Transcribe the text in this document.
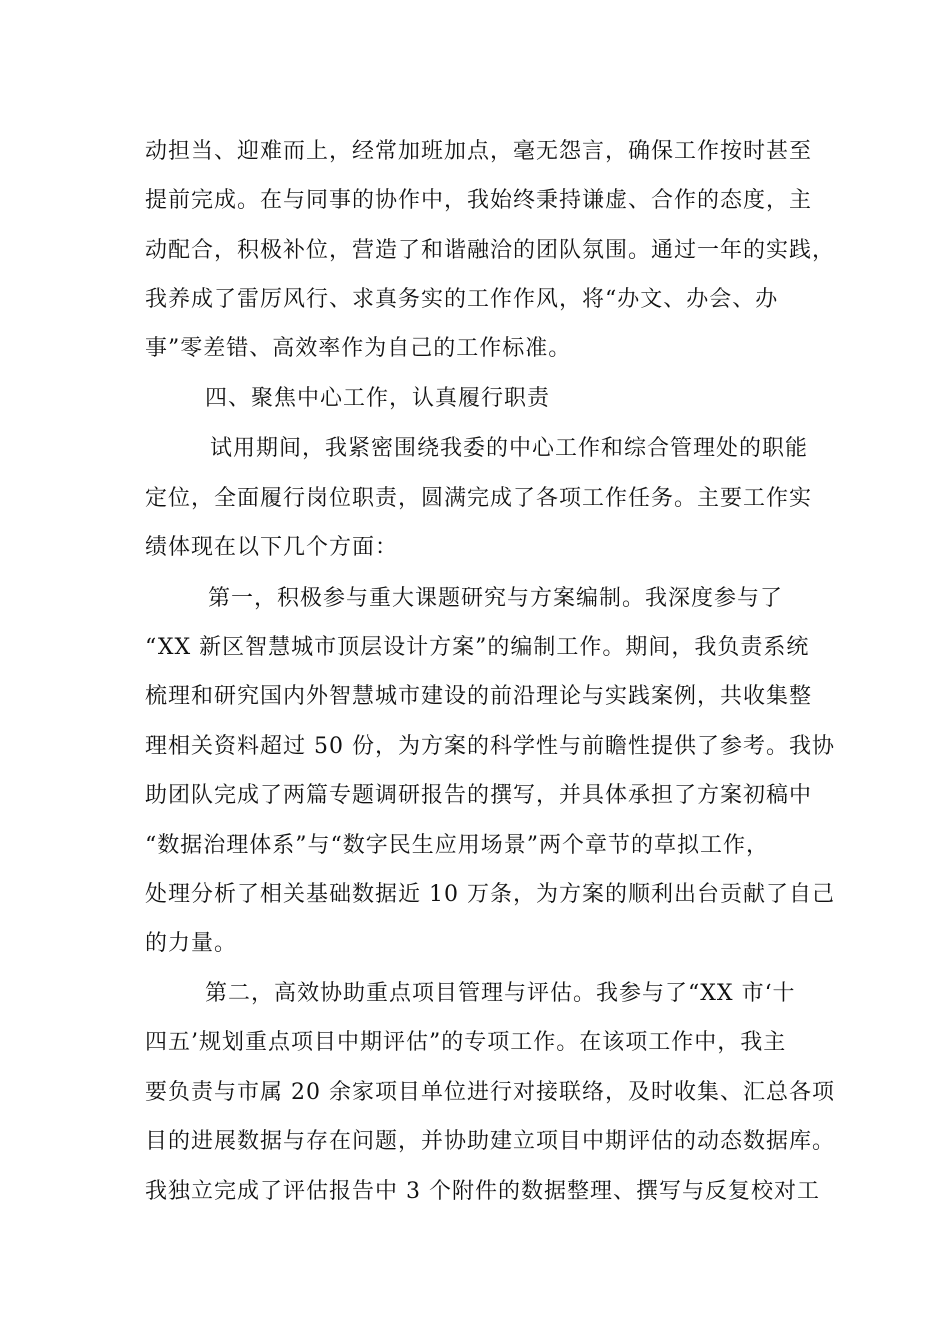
动担当、迎难而上，经常加班加点，毫无怨言，确保工作按时甚至
提前完成。在与同事的协作中，我始终秉持谦虚、合作的态度，主
动配合，积极补位，营造了和谐融洽的团队氛围。通过一年的实践，
我养成了雷厉风行、求真务实的工作作风，将“办文、办会、办
事”零差错、高效率作为自己的工作标准。
四、聚焦中心工作，认真履行职责
试用期间，我紧密围绕我委的中心工作和综合管理处的职能
定位，全面履行岗位职责，圆满完成了各项工作任务。主要工作实
绩体现在以下几个方面：
第一，积极参与重大课题研究与方案编制。我深度参与了
“XX 新区智慧城市顶层设计方案”的编制工作。期间，我负责系统
梳理和研究国内外智慧城市建设的前沿理论与实践案例，共收集整
理相关资料超过 50 份，为方案的科学性与前瞻性提供了参考。我协
助团队完成了两篇专题调研报告的撰写，并具体承担了方案初稿中
“数据治理体系”与“数字民生应用场景”两个章节的草拟工作，
处理分析了相关基础数据近 10 万条，为方案的顺利出台贡献了自己
的力量。
第二，高效协助重点项目管理与评估。我参与了“XX 市‘十
四五’规划重点项目中期评估”的专项工作。在该项工作中，我主
要负责与市属 20 余家项目单位进行对接联络，及时收集、汇总各项
目的进展数据与存在问题，并协助建立项目中期评估的动态数据库。
我独立完成了评估报告中 3 个附件的数据整理、撰写与反复校对工
